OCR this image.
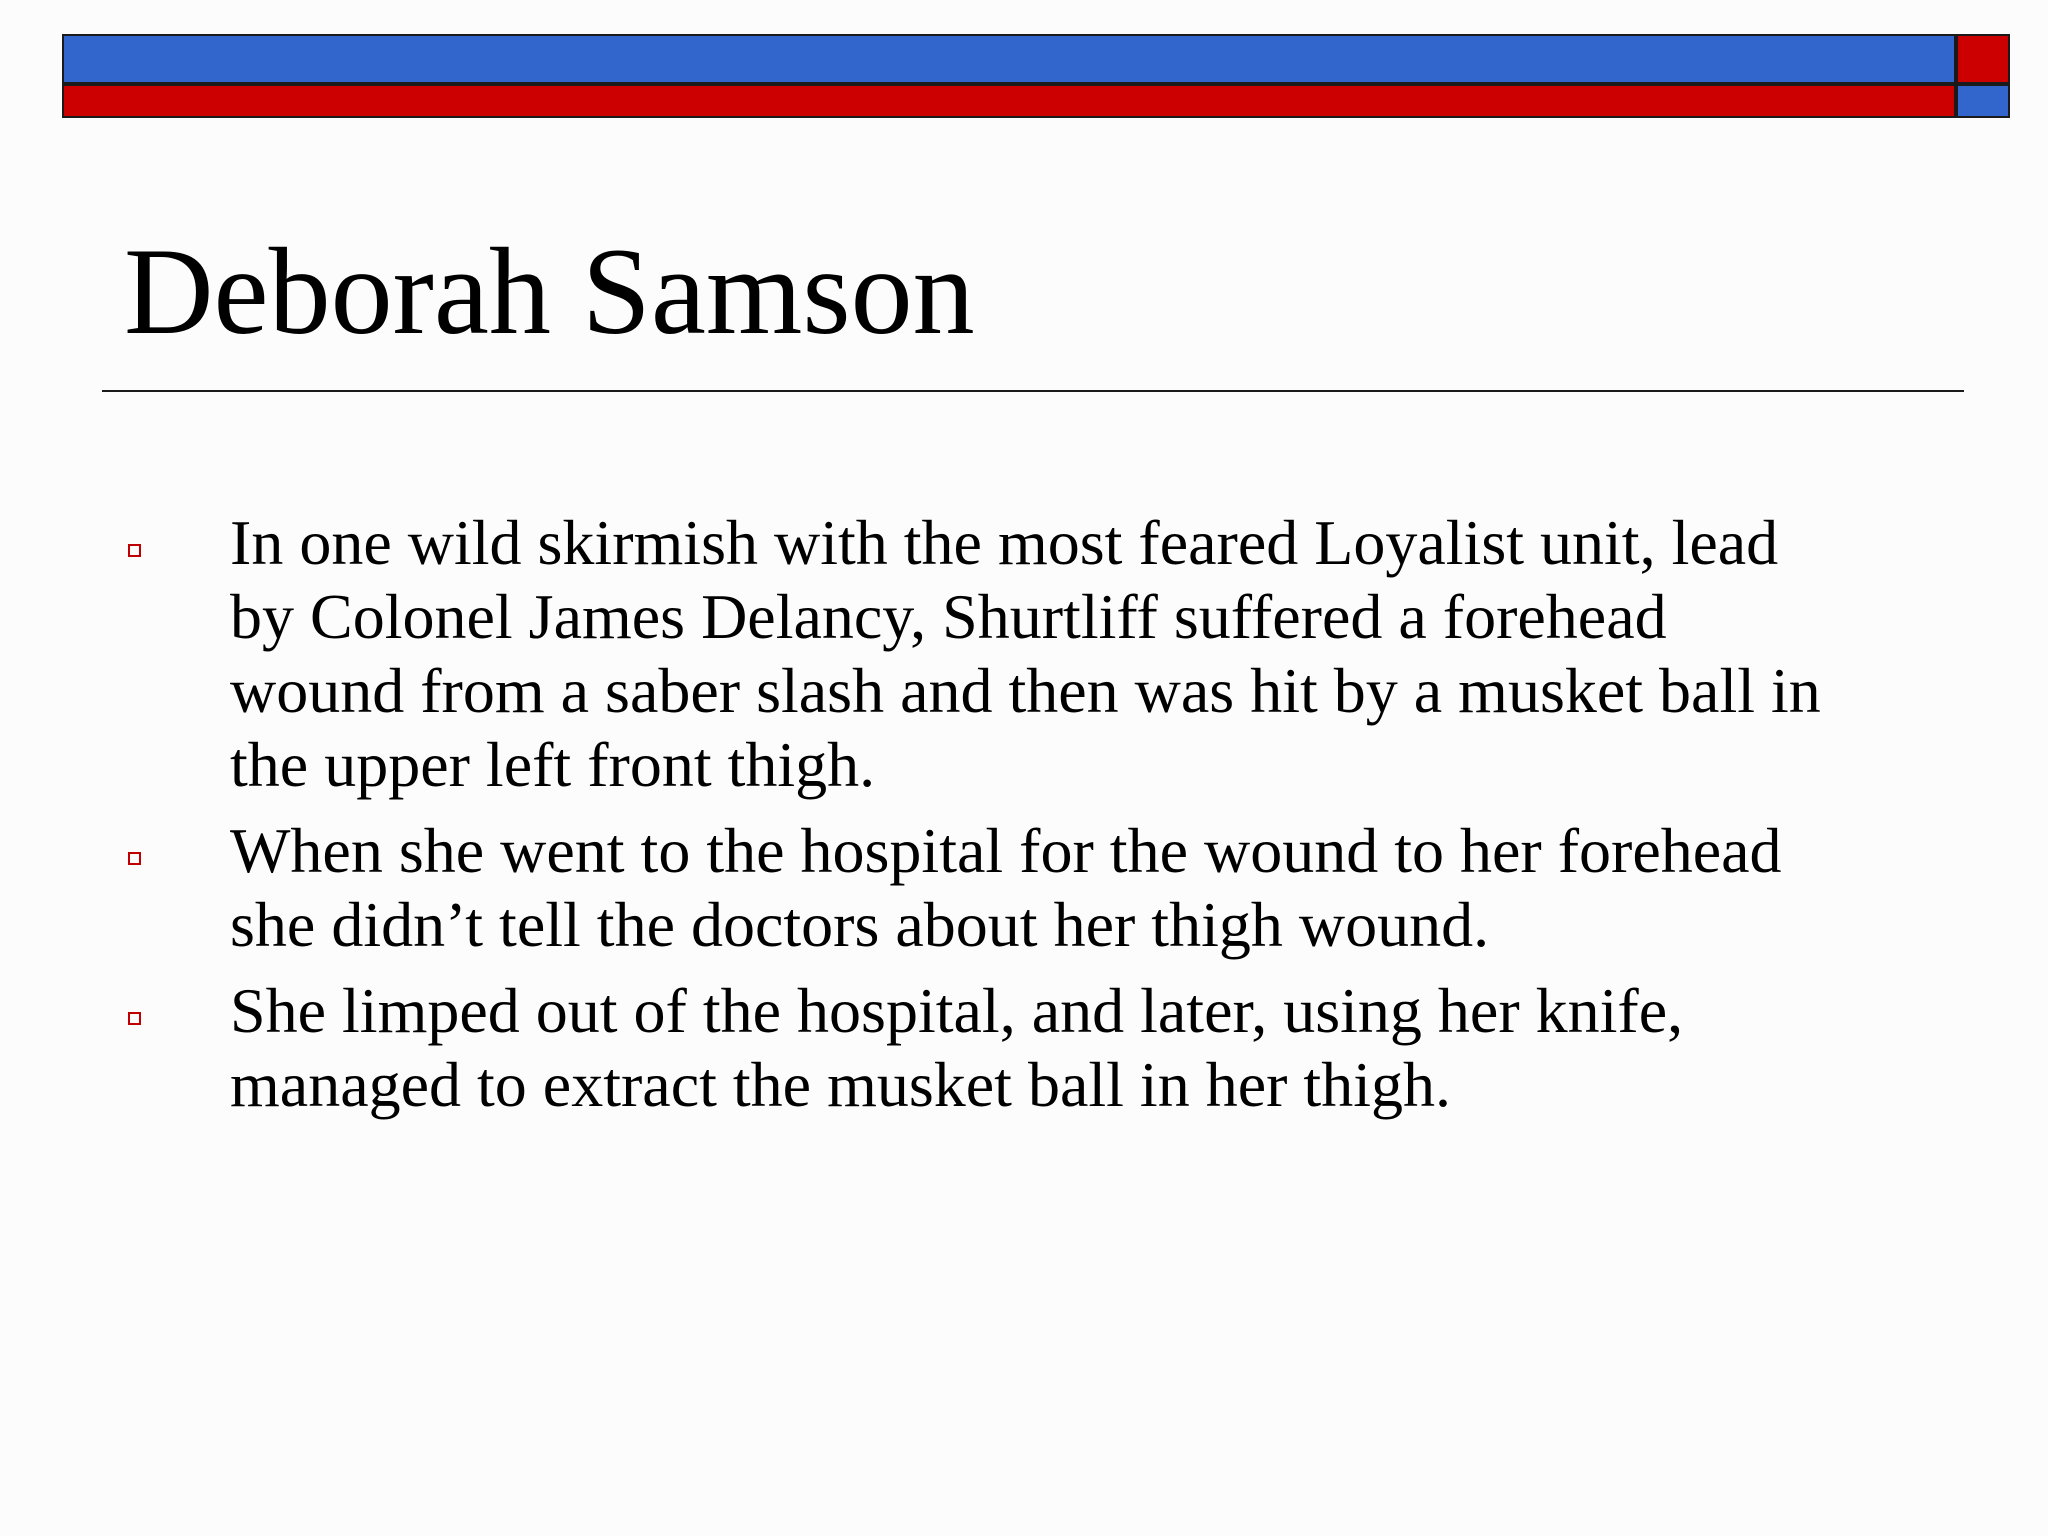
Deborah Samson
In one wild skirmish with the most feared Loyalist unit, lead
by Colonel James Delancy, Shurtliff suffered a forehead
wound from a saber slash and then was hit by a musket ball in
the upper left front thigh.
When she went to the hospital for the wound to her forehead
she didn’t tell the doctors about her thigh wound.
She limped out of the hospital, and later, using her knife,
managed to extract the musket ball in her thigh.
